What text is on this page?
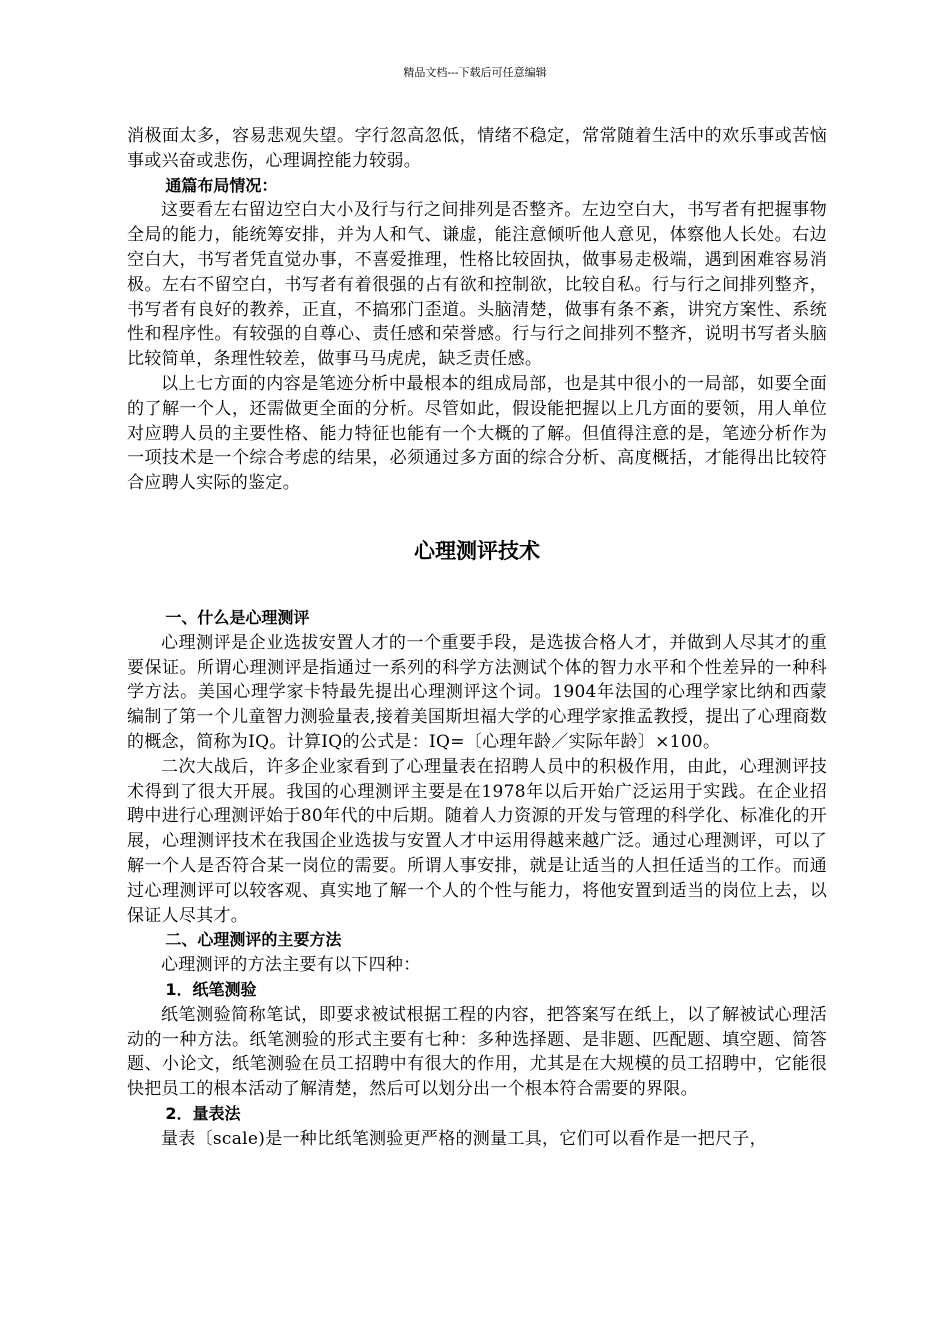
精品文档---下载后可任意编辑

消极面太多，容易悲观失望。字行忽高忽低，情绪不稳定，常常随着生活中的欢乐事或苦恼事或兴奋或悲伤，心理调控能力较弱。

通篇布局情况：

这要看左右留边空白大小及行与行之间排列是否整齐。左边空白大，书写者有把握事物全局的能力，能统筹安排，并为人和气、谦虚，能注意倾听他人意见，体察他人长处。右边空白大，书写者凭直觉办事，不喜爱推理，性格比较固执，做事易走极端，遇到困难容易消极。左右不留空白，书写者有着很强的占有欲和控制欲，比较自私。行与行之间排列整齐，书写者有良好的教养，正直，不搞邪门歪道。头脑清楚，做事有条不紊，讲究方案性、系统性和程序性。有较强的自尊心、责任感和荣誉感。行与行之间排列不整齐，说明书写者头脑比较简单，条理性较差，做事马马虎虎，缺乏责任感。

以上七方面的内容是笔迹分析中最根本的组成局部，也是其中很小的一局部，如要全面的了解一个人，还需做更全面的分析。尽管如此，假设能把握以上几方面的要领，用人单位对应聘人员的主要性格、能力特征也能有一个大概的了解。但值得注意的是，笔迹分析作为一项技术是一个综合考虑的结果，必须通过多方面的综合分析、高度概括，才能得出比较符合应聘人实际的鉴定。

心理测评技术

一、什么是心理测评

心理测评是企业选拔安置人才的一个重要手段，是选拔合格人才，并做到人尽其才的重要保证。所谓心理测评是指通过一系列的科学方法测试个体的智力水平和个性差异的一种科学方法。美国心理学家卡特最先提出心理测评这个词。1904年法国的心理学家比纳和西蒙编制了第一个儿童智力测验量表,接着美国斯坦福大学的心理学家推孟教授，提出了心理商数的概念，简称为IQ。计算IQ的公式是：IQ=〔心理年龄／实际年龄〕×100。

二次大战后，许多企业家看到了心理量表在招聘人员中的积极作用，由此，心理测评技术得到了很大开展。我国的心理测评主要是在1978年以后开始广泛运用于实践。在企业招聘中进行心理测评始于80年代的中后期。随着人力资源的开发与管理的科学化、标准化的开展，心理测评技术在我国企业选拔与安置人才中运用得越来越广泛。通过心理测评，可以了解一个人是否符合某一岗位的需要。所谓人事安排，就是让适当的人担任适当的工作。而通过心理测评可以较客观、真实地了解一个人的个性与能力，将他安置到适当的岗位上去，以保证人尽其才。

二、心理测评的主要方法

心理测评的方法主要有以下四种：

1．纸笔测验

纸笔测验简称笔试，即要求被试根据工程的内容，把答案写在纸上，以了解被试心理活动的一种方法。纸笔测验的形式主要有七种：多种选择题、是非题、匹配题、填空题、简答题、小论文，纸笔测验在员工招聘中有很大的作用，尤其是在大规模的员工招聘中，它能很快把员工的根本活动了解清楚，然后可以划分出一个根本符合需要的界限。

2．量表法

量表〔scale)是一种比纸笔测验更严格的测量工具，它们可以看作是一把尺子，
